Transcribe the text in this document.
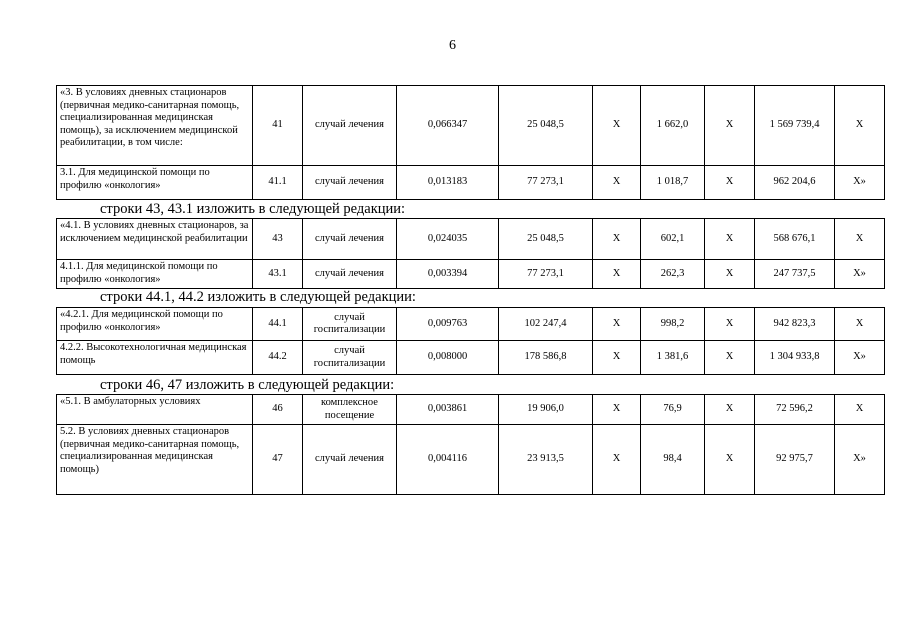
6
«3. В условиях дневных стационаров (первичная медико-санитарная помощь, специализированная медицинская помощь), за исключением медицинской реабилитации, в том числе:	41	случай лечения	0,066347	25 048,5	Х	1 662,0	Х	1 569 739,4	Х
3.1. Для медицинской помощи по профилю «онкология»	41.1	случай лечения	0,013183	77 273,1	Х	1 018,7	Х	962 204,6	Х»
строки 43, 43.1 изложить в следующей редакции:
«4.1. В условиях дневных стационаров, за исключением медицинской реабилитации	43	случай лечения	0,024035	25 048,5	Х	602,1	Х	568 676,1	Х
4.1.1. Для медицинской помощи по профилю «онкология»	43.1	случай лечения	0,003394	77 273,1	Х	262,3	Х	247 737,5	Х»
строки 44.1, 44.2 изложить в следующей редакции:
«4.2.1. Для медицинской помощи по профилю «онкология»	44.1	случай госпитализации	0,009763	102 247,4	Х	998,2	Х	942 823,3	Х
4.2.2. Высокотехнологичная медицинская помощь	44.2	случай госпитализации	0,008000	178 586,8	Х	1 381,6	Х	1 304 933,8	Х»
строки 46, 47 изложить в следующей редакции:
«5.1. В амбулаторных условиях	46	комплексное посещение	0,003861	19 906,0	Х	76,9	Х	72 596,2	Х
5.2. В условиях дневных стационаров (первичная медико-санитарная помощь, специализированная медицинская помощь)	47	случай лечения	0,004116	23 913,5	Х	98,4	Х	92 975,7	Х»
